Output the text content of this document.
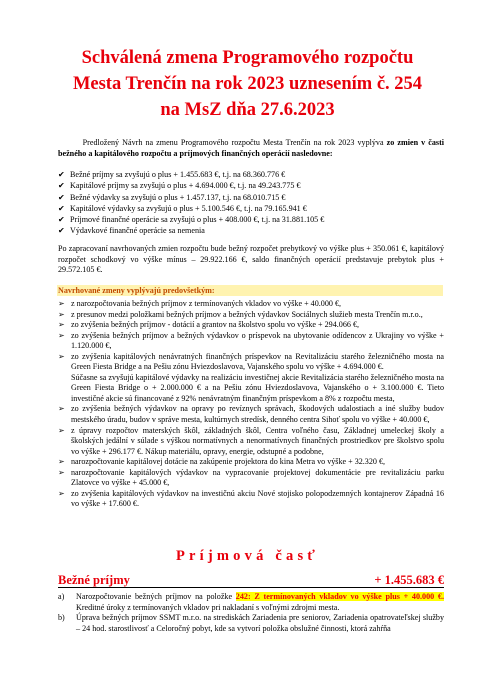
Schválená zmena Programového rozpočtu
Mesta Trenčín na rok 2023 uznesením č. 254
na MsZ dňa 27.6.2023
Predložený Návrh na zmenu Programového rozpočtu Mesta Trenčín na rok 2023 vyplýva zo zmien v časti bežného a kapitálového rozpočtu a príjmových finančných operácií nasledovne:
✔ Bežné príjmy sa zvyšujú o plus + 1.455.683 €, t.j. na 68.360.776 €
✔ Kapitálové príjmy sa zvyšujú o plus + 4.694.000 €, t.j. na 49.243.775 €
✔ Bežné výdavky sa zvyšujú o plus + 1.457.137, t.j. na 68.010.715 €
✔ Kapitálové výdavky sa zvyšujú o plus + 5.100.546 €, t.j. na 79.165.941 €
✔ Príjmové finančné operácie sa zvyšujú o plus + 408.000 €, t.j. na 31.881.105 €
✔ Výdavkové finančné operácie sa nemenia
Po zapracovaní navrhovaných zmien rozpočtu bude bežný rozpočet prebytkový vo výške plus + 350.061 €, kapitálový rozpočet schodkový vo výške mínus – 29.922.166 €, saldo finančných operácií predstavuje prebytok plus + 29.572.105 €.
Navrhované zmeny vyplývajú predovšetkým:
➢ z narozpočtovania bežných príjmov z termínovaných vkladov vo výške + 40.000 €,
➢ z presunov medzi položkami bežných príjmov a bežných výdavkov Sociálnych služieb mesta Trenčín m.r.o.,
➢ zo zvýšenia bežných príjmov - dotácií a grantov na školstvo spolu vo výške + 294.066 €,
➢ zo zvýšenia bežných príjmov a bežných výdavkov o príspevok na ubytovanie odídencov z Ukrajiny vo výške + 1.120.000 €,
➢ zo zvýšenia kapitálových nenávratných finančných príspevkov na Revitalizáciu starého železničného mosta na Green Fiesta Bridge a na Pešiu zónu Hviezdoslavova, Vajanského spolu vo výške + 4.694.000 €.
Súčasne sa zvyšujú kapitálové výdavky na realizáciu investičnej akcie Revitalizácia starého železničného mosta na Green Fiesta Bridge o + 2.000.000 € a na Pešiu zónu Hviezdoslavova, Vajanského o + 3.100.000 €. Tieto investičné akcie sú financované z 92% nenávratným finančným príspevkom a 8% z rozpočtu mesta,
➢ zo zvýšenia bežných výdavkov na opravy po revíznych správach, škodových udalostiach a iné služby budov mestského úradu, budov v správe mesta, kultúrnych stredísk, denného centra Sihoť spolu vo výške + 40.000 €,
➢ z úpravy rozpočtov materských škôl, základných škôl, Centra voľného času, Základnej umeleckej školy a školských jedální v súlade s výškou normatívnych a nenormatívnych finančných prostriedkov pre školstvo spolu vo výške + 296.177 €. Nákup materiálu, opravy, energie, odstupné a podobne,
➢ narozpočtovanie kapitálovej dotácie na zakúpenie projektora do kina Metra vo výške + 32.320 €,
➢ narozpočtovanie kapitálových výdavkov na vypracovanie projektovej dokumentácie pre revitalizáciu parku Zlatovce vo výške + 45.000 €,
➢ zo zvýšenia kapitálových výdavkov na investičnú akciu Nové stojisko polopodzemných kontajnerov Západná 16 vo výške + 17.600 €.
Príjmová časť
Bežné príjmy	+ 1.455.683 €
a) Narozpočtovanie bežných príjmov na položke 242: Z termínovaných vkladov vo výške plus + 40.000 €. Kreditné úroky z termínovaných vkladov pri nakladaní s voľnými zdrojmi mesta.
b) Úprava bežných príjmov SSMT m.r.o. na strediskách Zariadenia pre seniorov, Zariadenia opatrovateľskej služby – 24 hod. starostlivosť a Celoročný pobyt, kde sa vytvorí položka obslužné činnosti, ktorá zahŕňa
